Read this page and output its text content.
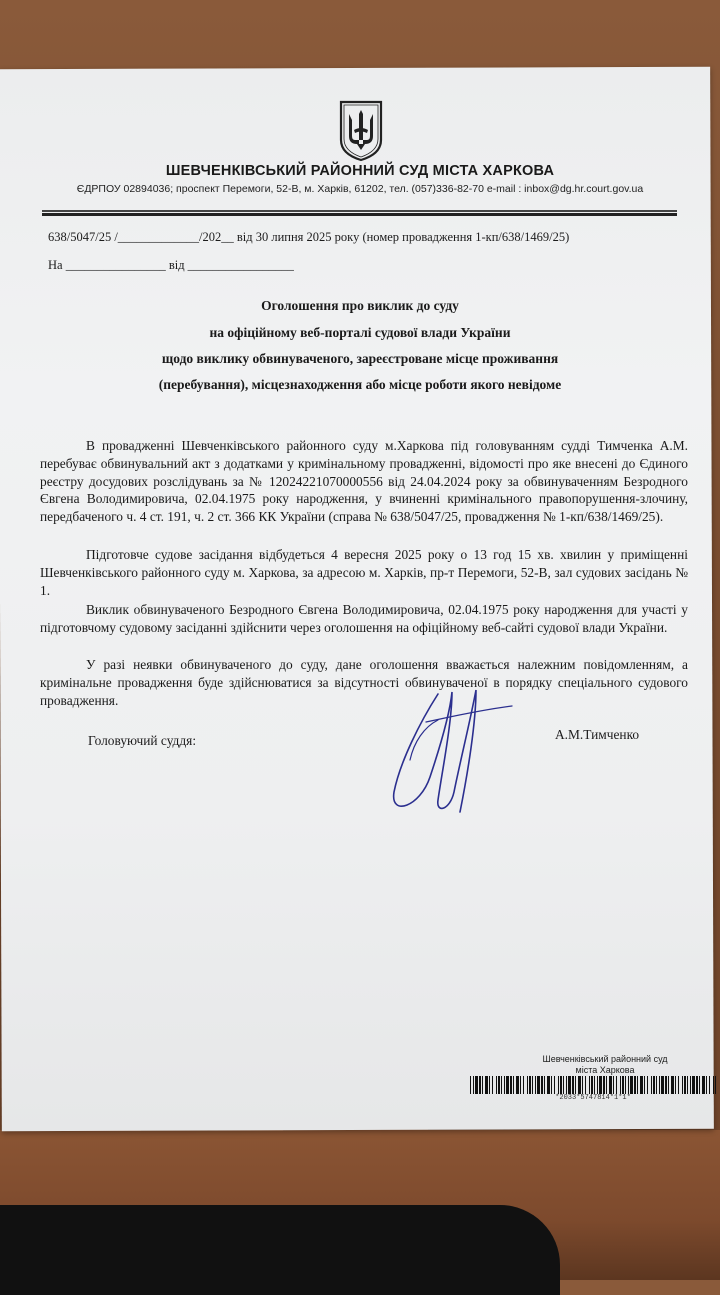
ШЕВЧЕНКІВСЬКИЙ РАЙОННИЙ СУД МІСТА ХАРКОВА
ЄДРПОУ 02894036; проспект Перемоги, 52-В, м. Харків, 61202, тел. (057)336-82-70 e-mail : inbox@dg.hr.court.gov.ua
638/5047/25 /_____________/202__ від 30 липня 2025 року (номер провадження 1-кп/638/1469/25)
На ________________ від _________________
Оголошення про виклик до суду
на офіційному веб-порталі судової влади України
щодо виклику обвинуваченого, зареєстроване місце проживання
(перебування), місцезнаходження або місце роботи якого невідоме
В провадженні Шевченківського районного суду м.Харкова під головуванням судді Тимченка А.М. перебуває обвинувальний акт з додатками у кримінальному провадженні, відомості про яке внесені до Єдиного реєстру досудових розслідувань за № 12024221070000556 від 24.04.2024 року за обвинуваченням Безродного Євгена Володимировича, 02.04.1975 року народження, у вчиненні кримінального правопорушення-злочину, передбаченого ч. 4 ст. 191, ч. 2 ст. 366 КК України (справа № 638/5047/25, провадження № 1-кп/638/1469/25).
Підготовче судове засідання відбудеться 4 вересня 2025 року о 13 год 15 хв. хвилин у приміщенні Шевченківського районного суду м. Харкова, за адресою м. Харків, пр-т Перемоги, 52-В, зал судових засідань № 1.
Виклик обвинуваченого Безродного Євгена Володимировича, 02.04.1975 року народження для участі у підготовчому судовому засіданні здійснити через оголошення на офіційному веб-сайті судової влади України.
У разі неявки обвинуваченого до суду, дане оголошення вважається належним повідомленням, а кримінальне провадження буде здійснюватися за відсутності обвинуваченої в порядку спеціального судового провадження.
Головуючий суддя:	А.М.Тимченко
Шевченківський районний суд
міста Харкова
*2033*5747814*1*1*
